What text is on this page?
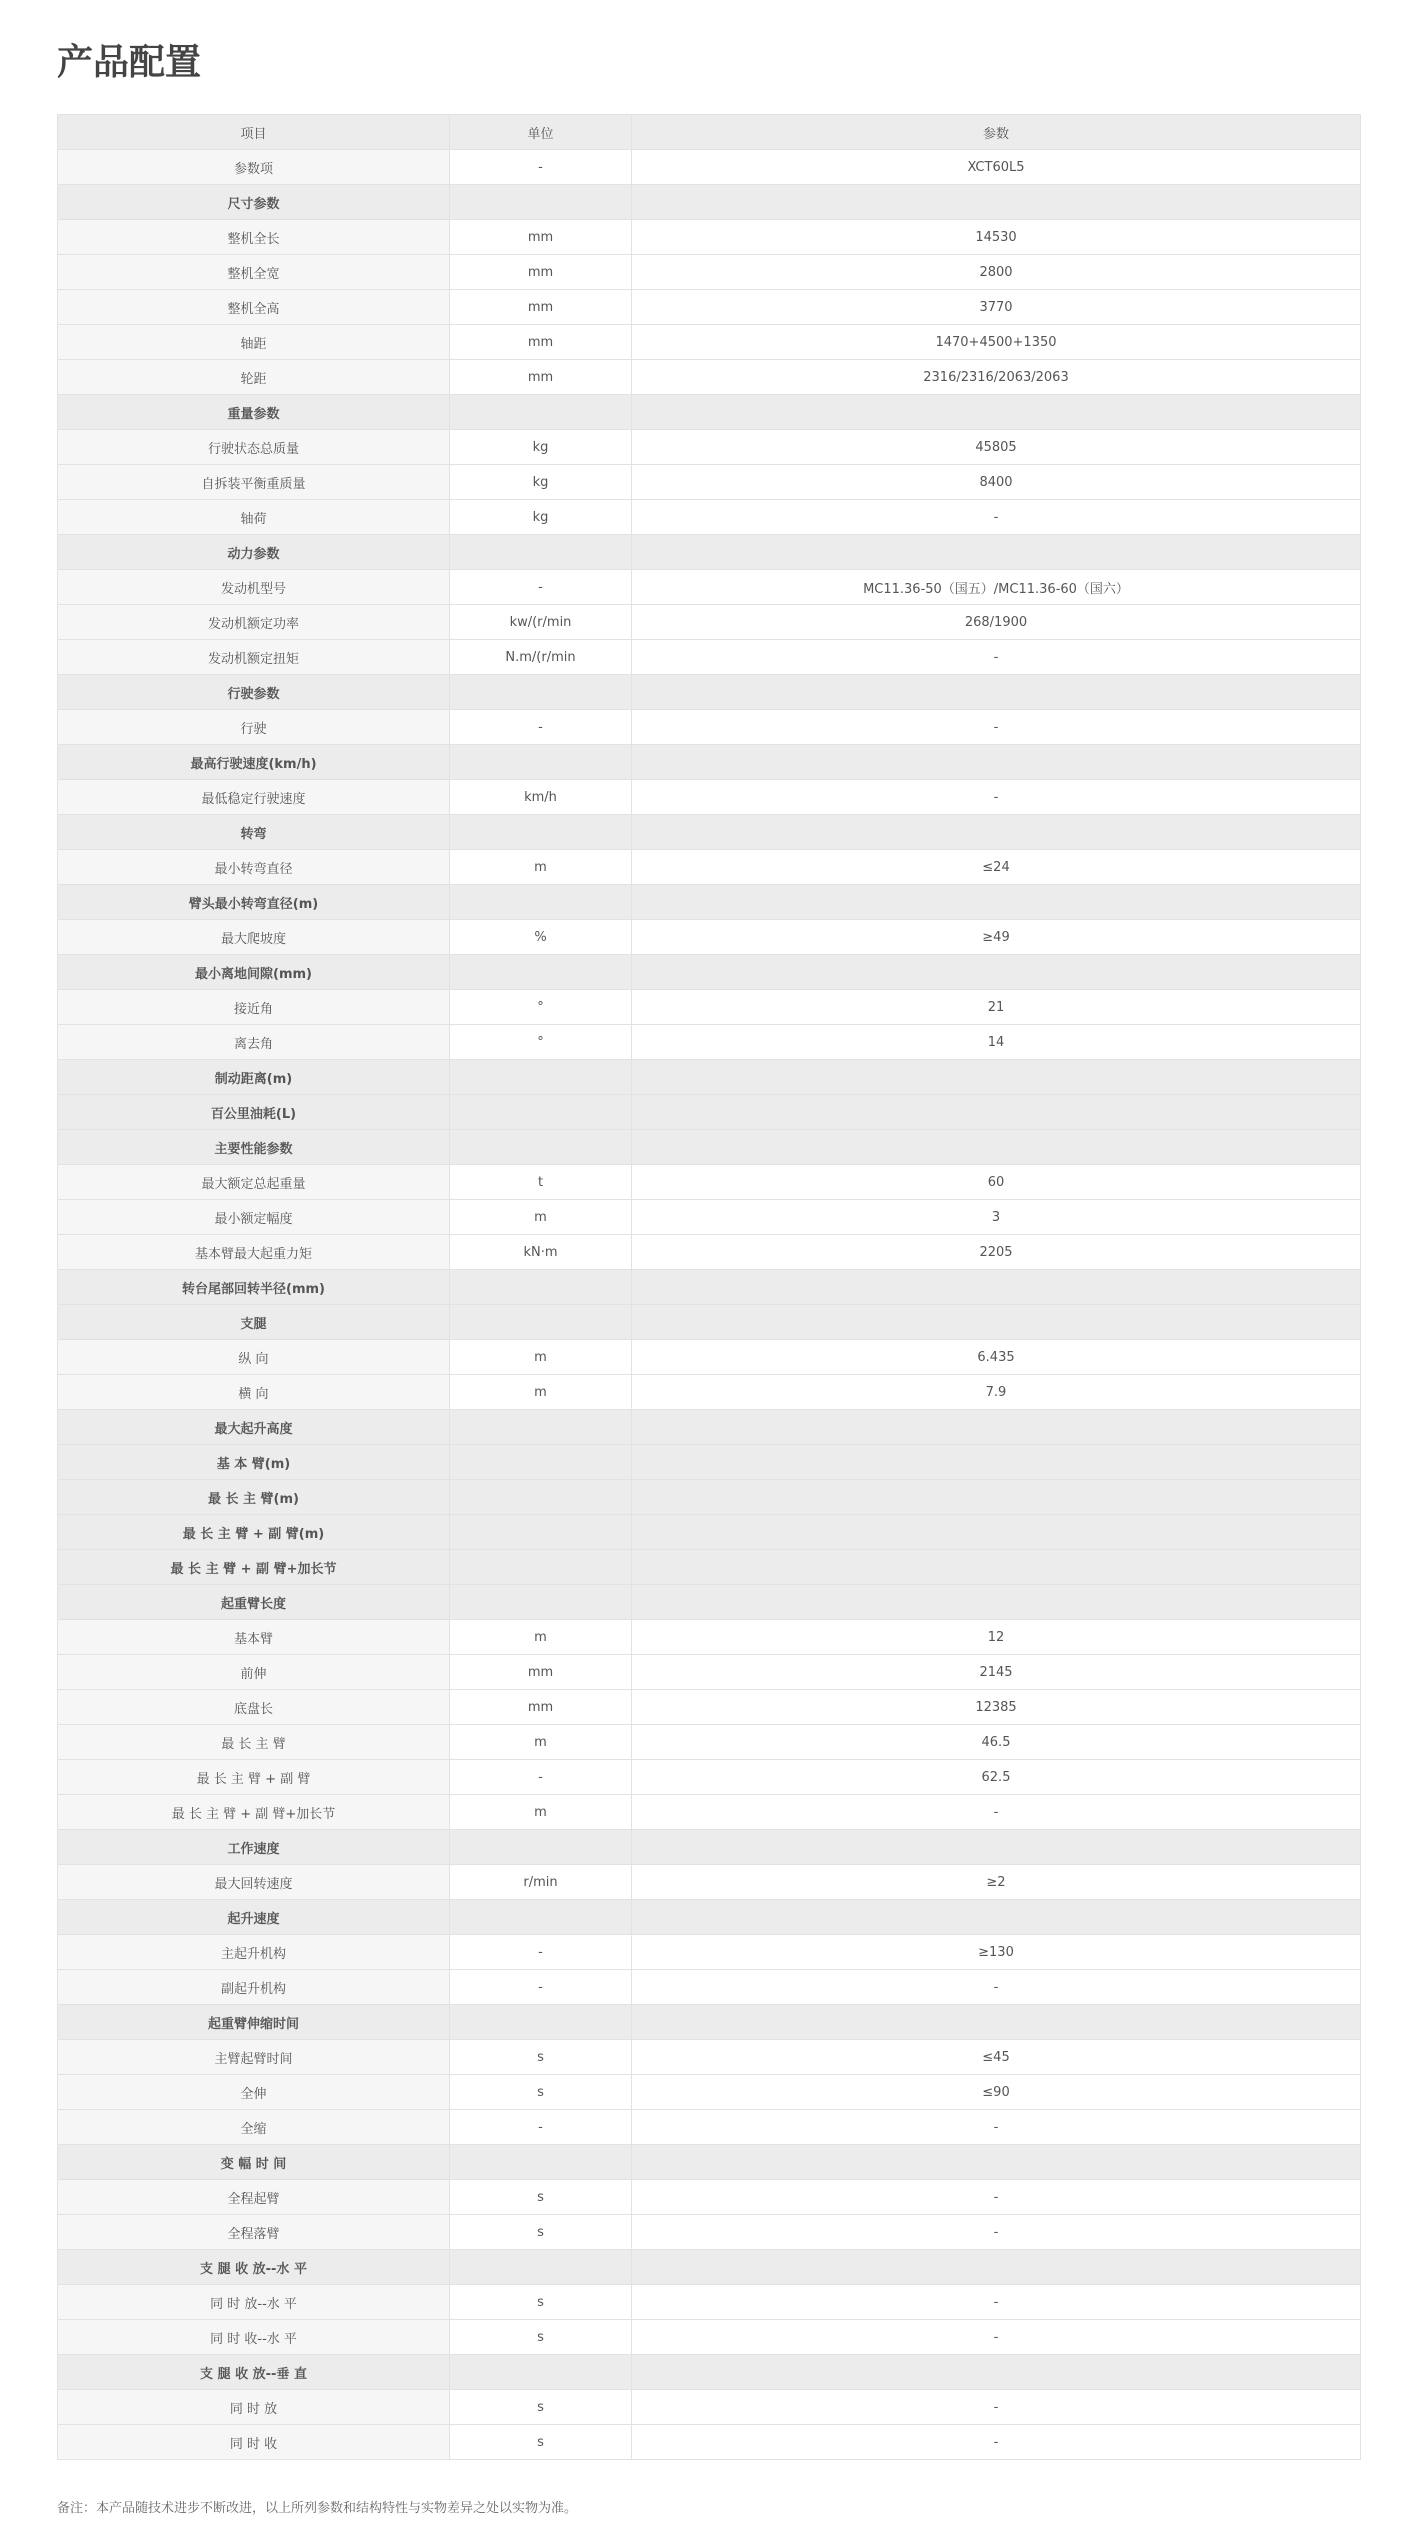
产品配置
项目	单位	参数
参数项	-	XCT60L5
尺寸参数		
整机全长	mm	14530
整机全宽	mm	2800
整机全高	mm	3770
轴距	mm	1470+4500+1350
轮距	mm	2316/2316/2063/2063
重量参数		
行驶状态总质量	kg	45805
自拆装平衡重质量	kg	8400
轴荷	kg	-
动力参数		
发动机型号	-	MC11.36-50（国五）/MC11.36-60（国六）
发动机额定功率	kw/(r/min	268/1900
发动机额定扭矩	N.m/(r/min	-
行驶参数		
行驶	-	-
最高行驶速度(km/h)		
最低稳定行驶速度	km/h	-
转弯		
最小转弯直径	m	≤24
臂头最小转弯直径(m)		
最大爬坡度	%	≥49
最小离地间隙(mm)		
接近角	°	21
离去角	°	14
制动距离(m)		
百公里油耗(L)		
主要性能参数		
最大额定总起重量	t	60
最小额定幅度	m	3
基本臂最大起重力矩	kN·m	2205
转台尾部回转半径(mm)		
支腿		
纵 向	m	6.435
横 向	m	7.9
最大起升高度		
基 本 臂(m)		
最 长 主 臂(m)		
最 长 主 臂 + 副 臂(m)		
最 长 主 臂 + 副 臂+加长节		
起重臂长度		
基本臂	m	12
前伸	mm	2145
底盘长	mm	12385
最 长 主 臂	m	46.5
最 长 主 臂 + 副 臂	-	62.5
最 长 主 臂 + 副 臂+加长节	m	-
工作速度		
最大回转速度	r/min	≥2
起升速度		
主起升机构	-	≥130
副起升机构	-	-
起重臂伸缩时间		
主臂起臂时间	s	≤45
全伸	s	≤90
全缩	-	-
变 幅 时 间		
全程起臂	s	-
全程落臂	s	-
支 腿 收 放--水 平		
同 时 放--水 平	s	-
同 时 收--水 平	s	-
支 腿 收 放--垂 直		
同 时 放	s	-
同 时 收	s	-

备注：本产品随技术进步不断改进，以上所列参数和结构特性与实物差异之处以实物为准。
